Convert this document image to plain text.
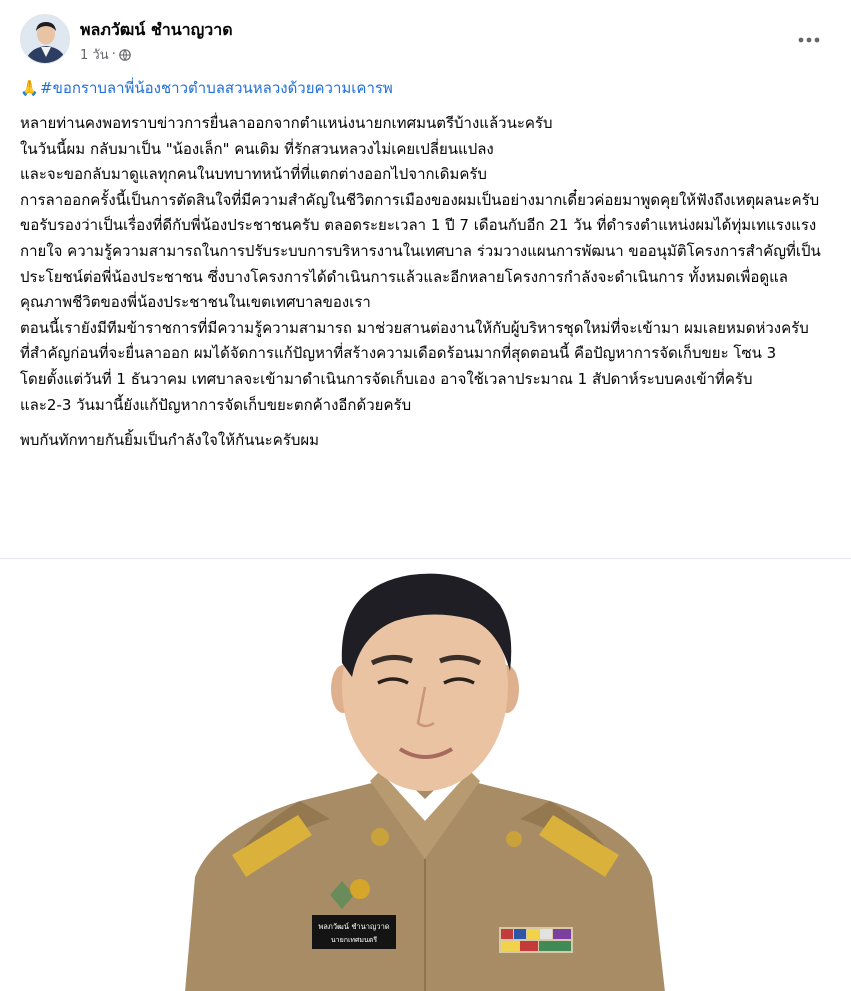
พลภวัฒน์ ชำนาญวาด
1 วัน ·
🙏#ขอกราบลาพี่น้องชาวตำบลสวนหลวงด้วยความเคารพ
หลายท่านคงพอทราบข่าวการยื่นลาออกจากตำแหน่งนายกเทศมนตรีบ้างแล้วนะครับ
ในวันนี้ผม กลับมาเป็น "น้องเล็ก" คนเดิม ที่รักสวนหลวงไม่เคยเปลี่ยนแปลง
และจะขอกลับมาดูแลทุกคนในบทบาทหน้าที่ที่แตกต่างออกไปจากเดิมครับ
การลาออกครั้งนี้เป็นการตัดสินใจที่มีความสำคัญในชีวิตการเมืองของผมเป็นอย่างมากเดี๋ยวค่อยมาพูดคุยให้ฟังถึงเหตุผลนะครับ ขอรับรองว่าเป็นเรื่องที่ดีกับพี่น้องประชาชนครับ ตลอดระยะเวลา 1 ปี 7 เดือนกับอีก 21 วัน ที่ดำรงตำแหน่งผมได้ทุ่มเทแรงแรงกายใจ ความรู้ความสามารถในการปรับระบบการบริหารงานในเทศบาล ร่วมวางแผนการพัฒนา ขออนุมัติโครงการสำคัญที่เป็นประโยชน์ต่อพี่น้องประชาชน ซึ่งบางโครงการได้ดำเนินการแล้วและอีกหลายโครงการกำลังจะดำเนินการ ทั้งหมดเพื่อดูแลคุณภาพชีวิตของพี่น้องประชาชนในเขตเทศบาลของเรา
ตอนนี้เรายังมีทีมข้าราชการที่มีความรู้ความสามารถ มาช่วยสานต่องานให้กับผู้บริหารชุดใหม่ที่จะเข้ามา ผมเลยหมดห่วงครับ
ที่สำคัญก่อนที่จะยื่นลาออก ผมได้จัดการแก้ปัญหาที่สร้างความเดือดร้อนมากที่สุดตอนนี้ คือปัญหาการจัดเก็บขยะ โซน 3
โดยตั้งแต่วันที่ 1 ธันวาคม เทศบาลจะเข้ามาดำเนินการจัดเก็บเอง อาจใช้เวลาประมาณ 1 สัปดาห์ระบบคงเข้าที่ครับ
และ2-3 วันมานี้ยังแก้ปัญหาการจัดเก็บขยะตกค้างอีกด้วยครับ
พบกันทักทายกันยิ้มเป็นกำลังใจให้กันนะครับผม
พลภวัฒน์ ชำนาญวาด
นายกเทศมนตรี
